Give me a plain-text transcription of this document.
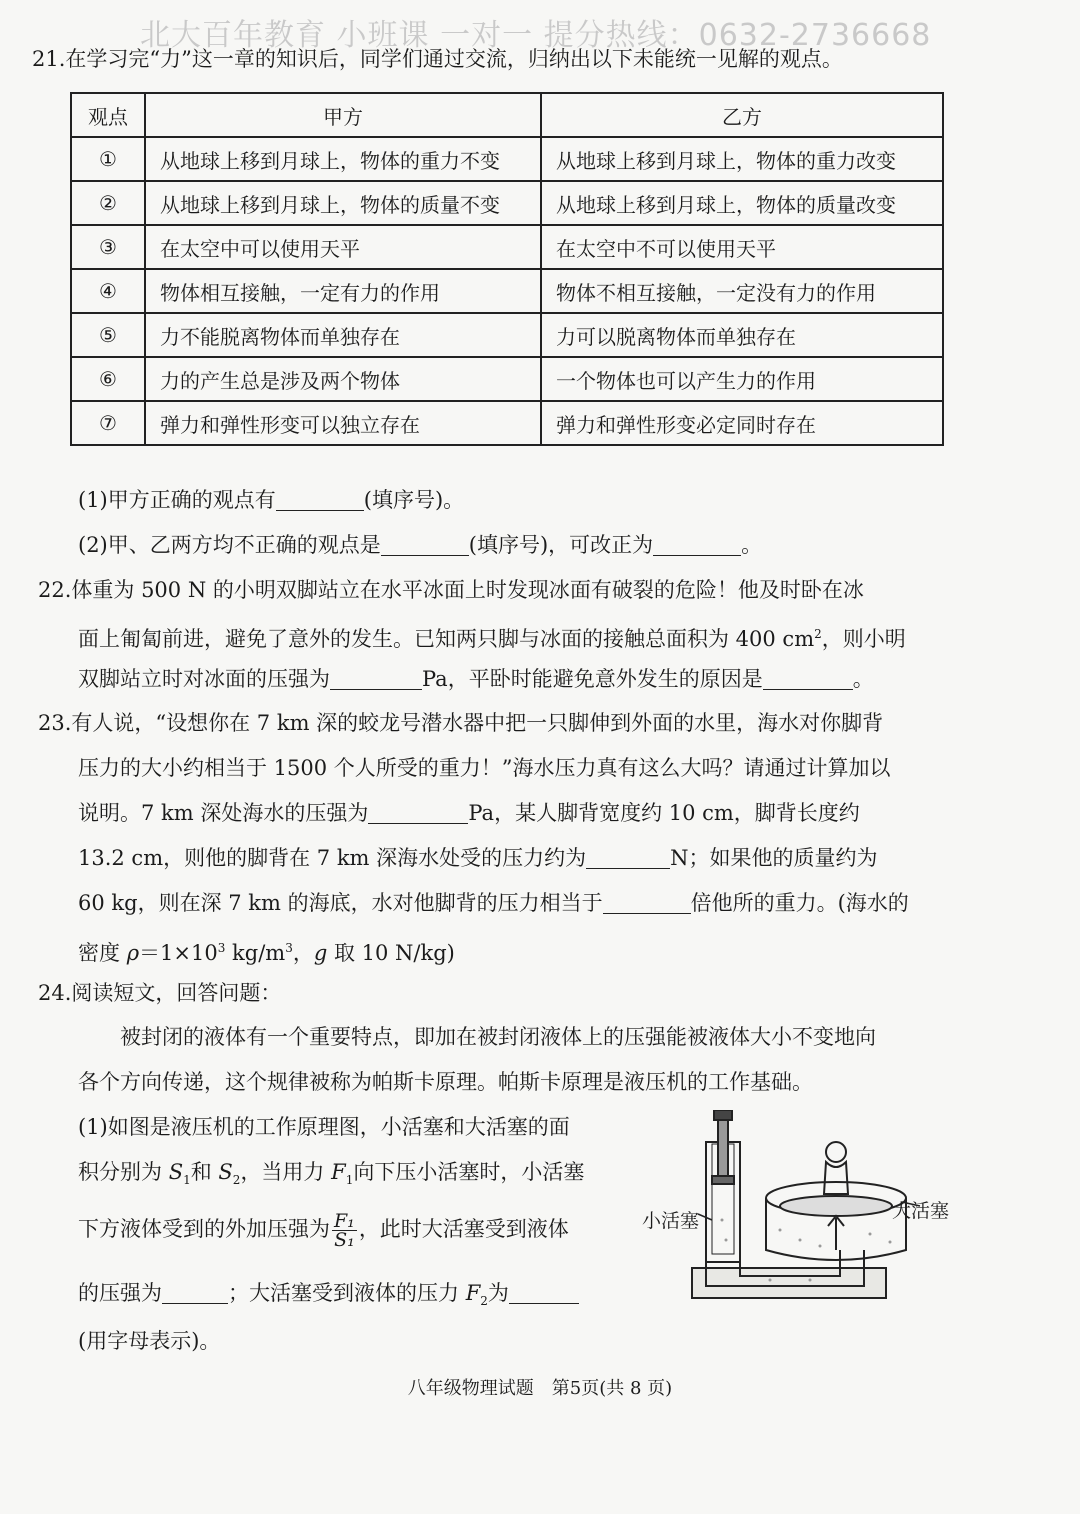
北大百年教育 小班课 一对一 提分热线：0632-2736668
21.在学习完“力”这一章的知识后，同学们通过交流，归纳出以下未能统一见解的观点。
观点	甲方	乙方
①	从地球上移到月球上，物体的重力不变	从地球上移到月球上，物体的重力改变
②	从地球上移到月球上，物体的质量不变	从地球上移到月球上，物体的质量改变
③	在太空中可以使用天平	在太空中不可以使用天平
④	物体相互接触，一定有力的作用	物体不相互接触，一定没有力的作用
⑤	力不能脱离物体而单独存在	力可以脱离物体而单独存在
⑥	力的产生总是涉及两个物体	一个物体也可以产生力的作用
⑦	弹力和弹性形变可以独立存在	弹力和弹性形变必定同时存在
(1)甲方正确的观点有	(填序号)。
(2)甲、乙两方均不正确的观点是	(填序号)，可改正为	。
22.体重为 500 N 的小明双脚站立在水平冰面上时发现冰面有破裂的危险！他及时卧在冰
面上匍匐前进，避免了意外的发生。已知两只脚与冰面的接触总面积为 400 $cm^2$，则小明
双脚站立时对冰面的压强为	Pa，平卧时能避免意外发生的原因是	。
23.有人说，“设想你在 7 km 深的蛟龙号潜水器中把一只脚伸到外面的水里，海水对你脚背
压力的大小约相当于 1500 个人所受的重力！”海水压力真有这么大吗？请通过计算加以
说明。7 km 深处海水的压强为	Pa，某人脚背宽度约 10 cm，脚背长度约
13.2 cm，则他的脚背在 7 km 深海水处受的压力约为	N；如果他的质量约为
60 kg，则在深 7 km 的海底，水对他脚背的压力相当于	倍他所的重力。(海水的
密度 $\rho=1\times 10^3$ $kg/m^3$，g 取 10 N/kg)
24.阅读短文，回答问题：
被封闭的液体有一个重要特点，即加在被封闭液体上的压强能被液体大小不变地向
各个方向传递，这个规律被称为帕斯卡原理。帕斯卡原理是液压机的工作基础。
(1)如图是液压机的工作原理图，小活塞和大活塞的面
积分别为 $S_1$和 $S_2$，当用力 $F_1$向下压小活塞时，小活塞
下方液体受到的外加压强为 $\frac{\text{F₁}}{\text{S₁}}$ ，此时大活塞受到液体
的压强为	；大活塞受到液体的压力 $F_2$为
(用字母表示)。
小活塞	大活塞
八年级物理试题　第5页(共 8 页)
